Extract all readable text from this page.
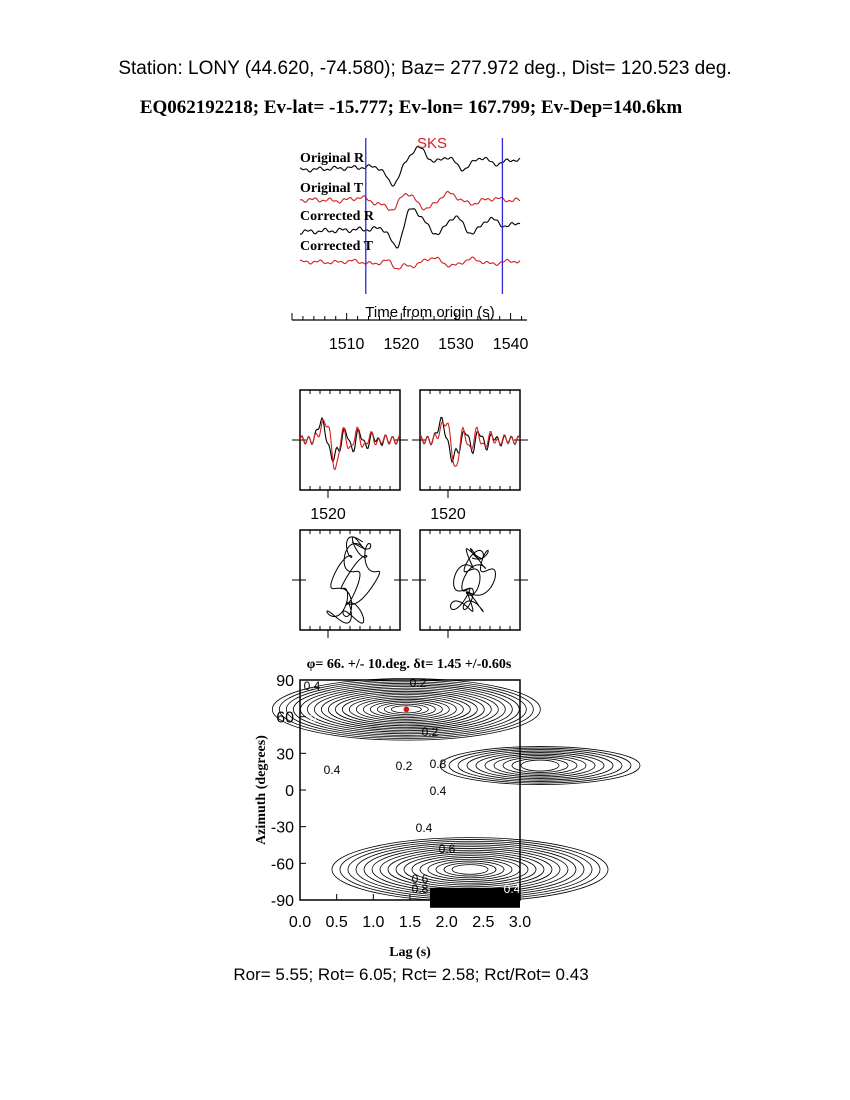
Station: LONY (44.620, -74.580); Baz= 277.972 deg., Dist= 120.523 deg.
EQ062192218; Ev-lat= -15.777; Ev-lon= 167.799; Ev-Dep=140.6km
SKS
Original R
Original T
Corrected R
Corrected T
Time from origin (s)
1510 1520 1530 1540
1520	1520
φ= 66. +/- 10.deg. δt= 1.45 +/-0.60s
0.2
0.2
0.2
0.4
0.4
0.4
0.6
0.6
0.8
0.8	0.4
0
0.4
0.0 0.5 1.0 1.5 2.0 2.5 3.0
90
60
30
0
-30
-60
-90
Lag (s)
Azimuth (degrees)
Ror= 5.55; Rot= 6.05; Rct= 2.58; Rct/Rot= 0.43
